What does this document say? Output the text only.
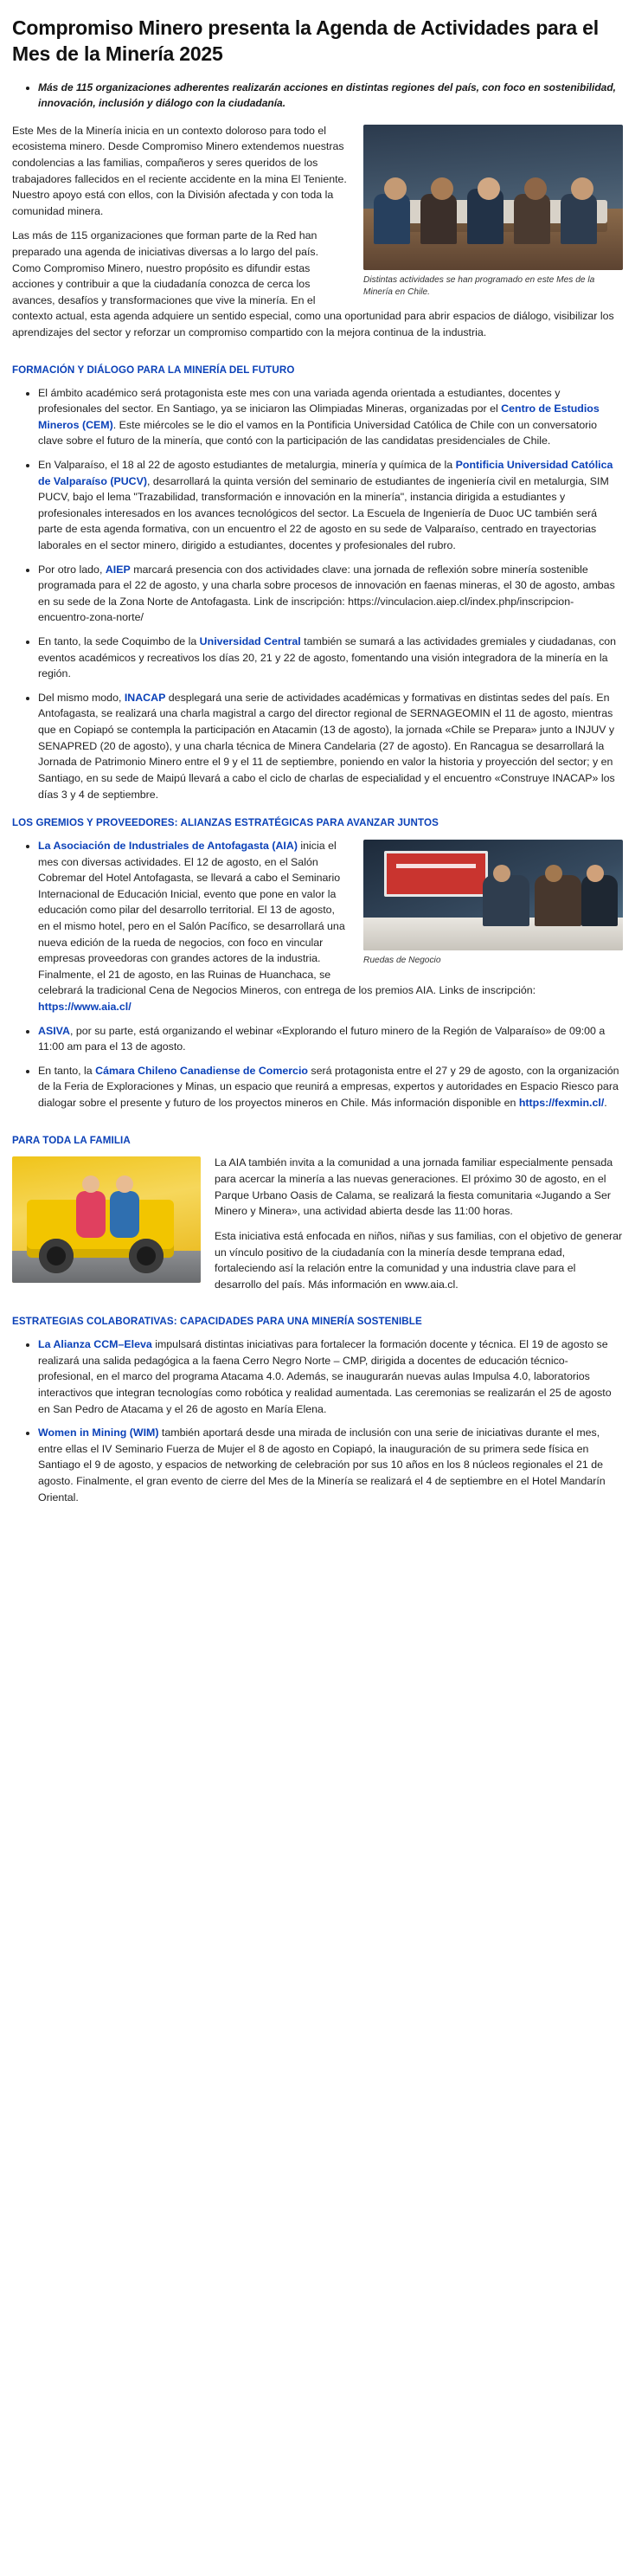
Compromiso Minero presenta la Agenda de Actividades para el Mes de la Minería 2025
• Más de 115 organizaciones adherentes realizarán acciones en distintas regiones del país, con foco en sostenibilidad, innovación, inclusión y diálogo con la ciudadanía.
Distintas actividades se han programado en este Mes de la Minería en Chile.

Este Mes de la Minería inicia en un contexto doloroso para todo el ecosistema minero. Desde Compromiso Minero extendemos nuestras condolencias a las familias, compañeros y seres queridos de los trabajadores fallecidos en el reciente accidente en la mina El Teniente. Nuestro apoyo está con ellos, con la División afectada y con toda la comunidad minera.

Las más de 115 organizaciones que forman parte de la Red han preparado una agenda de iniciativas diversas a lo largo del país. Como Compromiso Minero, nuestro propósito es difundir estas acciones y contribuir a que la ciudadanía conozca de cerca los avances, desafíos y transformaciones que vive la minería. En el contexto actual, esta agenda adquiere un sentido especial, como una oportunidad para abrir espacios de diálogo, visibilizar los aprendizajes del sector y reforzar un compromiso compartido con la mejora continua de la industria.

FORMACIÓN Y DIÁLOGO PARA LA MINERÍA DEL FUTURO
• El ámbito académico será protagonista este mes con una variada agenda orientada a estudiantes, docentes y profesionales del sector. En Santiago, ya se iniciaron las Olimpiadas Mineras, organizadas por el Centro de Estudios Mineros (CEM). Este miércoles se le dio el vamos en la Pontificia Universidad Católica de Chile con un conversatorio clave sobre el futuro de la minería, que contó con la participación de las candidatas presidenciales de Chile.
• En Valparaíso, el 18 al 22 de agosto estudiantes de metalurgia, minería y química de la Pontificia Universidad Católica de Valparaíso (PUCV), desarrollará la quinta versión del seminario de estudiantes de ingeniería civil en metalurgia, SIM PUCV, bajo el lema "Trazabilidad, transformación e innovación en la minería", instancia dirigida a estudiantes y profesionales interesados en los avances tecnológicos del sector. La Escuela de Ingeniería de Duoc UC también será parte de esta agenda formativa, con un encuentro el 22 de agosto en su sede de Valparaíso, centrado en trayectorias laborales en el sector minero, dirigido a estudiantes, docentes y profesionales del rubro.
• Por otro lado, AIEP marcará presencia con dos actividades clave: una jornada de reflexión sobre minería sostenible programada para el 22 de agosto, y una charla sobre procesos de innovación en faenas mineras, el 30 de agosto, ambas en su sede de la Zona Norte de Antofagasta. Link de inscripción: https://vinculacion.aiep.cl/index.php/inscripcion-encuentro-zona-norte/
• En tanto, la sede Coquimbo de la Universidad Central también se sumará a las actividades gremiales y ciudadanas, con eventos académicos y recreativos los días 20, 21 y 22 de agosto, fomentando una visión integradora de la minería en la región.
• Del mismo modo, INACAP desplegará una serie de actividades académicas y formativas en distintas sedes del país. En Antofagasta, se realizará una charla magistral a cargo del director regional de SERNAGEOMIN el 11 de agosto, mientras que en Copiapó se contempla la participación en Atacamin (13 de agosto), la jornada «Chile se Prepara» junto a INJUV y SENAPRED (20 de agosto), y una charla técnica de Minera Candelaria (27 de agosto). En Rancagua se desarrollará la Jornada de Patrimonio Minero entre el 9 y el 11 de septiembre, poniendo en valor la historia y proyección del sector; y en Santiago, en su sede de Maipú llevará a cabo el ciclo de charlas de especialidad y el encuentro «Construye INACAP» los días 3 y 4 de septiembre.
LOS GREMIOS Y PROVEEDORES: ALIANZAS ESTRATÉGICAS PARA AVANZAR JUNTOS
Ruedas de Negocio
• La Asociación de Industriales de Antofagasta (AIA) inicia el mes con diversas actividades. El 12 de agosto, en el Salón Cobremar del Hotel Antofagasta, se llevará a cabo el Seminario Internacional de Educación Inicial, evento que pone en valor la educación como pilar del desarrollo territorial. El 13 de agosto, en el mismo hotel, pero en el Salón Pacífico, se desarrollará una nueva edición de la rueda de negocios, con foco en vincular empresas proveedoras con grandes actores de la industria. Finalmente, el 21 de agosto, en las Ruinas de Huanchaca, se celebrará la tradicional Cena de Negocios Mineros, con entrega de los premios AIA. Links de inscripción: https://www.aia.cl/
• ASIVA, por su parte, está organizando el webinar «Explorando el futuro minero de la Región de Valparaíso» de 09:00 a 11:00 am para el 13 de agosto.
• En tanto, la Cámara Chileno Canadiense de Comercio será protagonista entre el 27 y 29 de agosto, con la organización de la Feria de Exploraciones y Minas, un espacio que reunirá a empresas, expertos y autoridades en Espacio Riesco para dialogar sobre el presente y futuro de los proyectos mineros en Chile. Más información disponible en https://fexmin.cl/.
PARA TODA LA FAMILIA

La AIA también invita a la comunidad a una jornada familiar especialmente pensada para acercar la minería a las nuevas generaciones. El próximo 30 de agosto, en el Parque Urbano Oasis de Calama, se realizará la fiesta comunitaria «Jugando a Ser Minero y Minera», una actividad abierta desde las 11:00 horas.

Esta iniciativa está enfocada en niños, niñas y sus familias, con el objetivo de generar un vínculo positivo de la ciudadanía con la minería desde temprana edad, fortaleciendo así la relación entre la comunidad y una industria clave para el desarrollo del país. Más información en www.aia.cl.

ESTRATEGIAS COLABORATIVAS: CAPACIDADES PARA UNA MINERÍA SOSTENIBLE
• La Alianza CCM–Eleva impulsará distintas iniciativas para fortalecer la formación docente y técnica. El 19 de agosto se realizará una salida pedagógica a la faena Cerro Negro Norte – CMP, dirigida a docentes de educación técnico-profesional, en el marco del programa Atacama 4.0. Además, se inaugurarán nuevas aulas Impulsa 4.0, laboratorios interactivos que integran tecnologías como robótica y realidad aumentada. Las ceremonias se realizarán el 25 de agosto en San Pedro de Atacama y el 26 de agosto en María Elena.
• Women in Mining (WIM) también aportará desde una mirada de inclusión con una serie de iniciativas durante el mes, entre ellas el IV Seminario Fuerza de Mujer el 8 de agosto en Copiapó, la inauguración de su primera sede física en Santiago el 9 de agosto, y espacios de networking de celebración por sus 10 años en los 8 núcleos regionales el 21 de agosto. Finalmente, el gran evento de cierre del Mes de la Minería se realizará el 4 de septiembre en el Hotel Mandarín Oriental.
